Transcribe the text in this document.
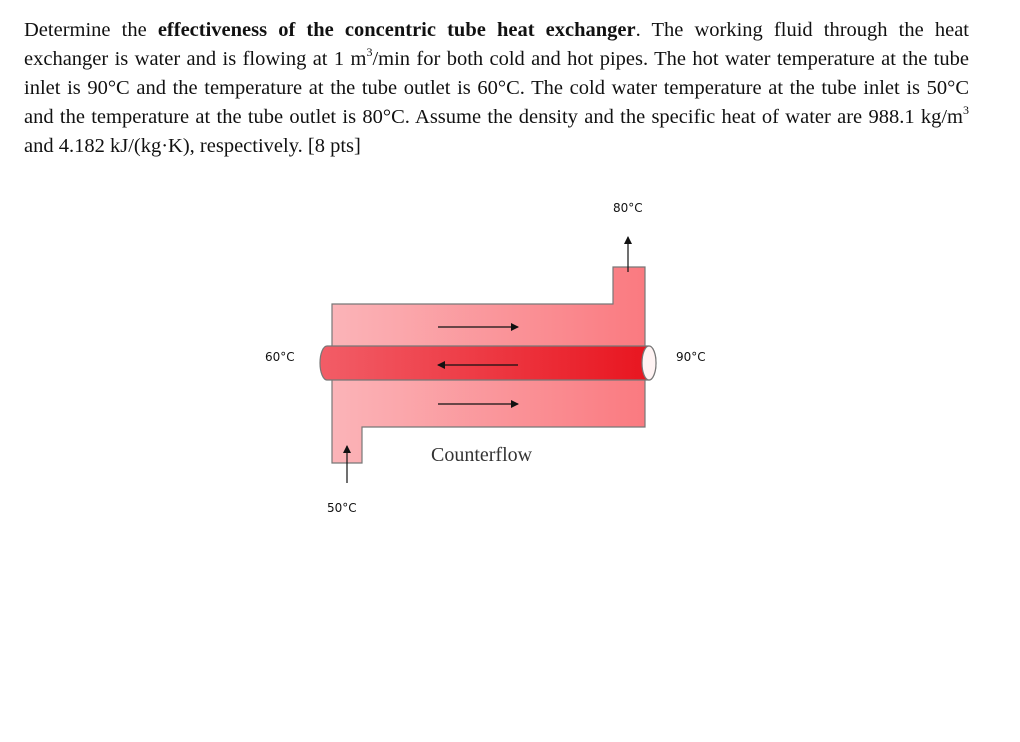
Determine the effectiveness of the concentric tube heat exchanger. The working fluid through the heat exchanger is water and is flowing at 1 $m^3/\min$ for both cold and hot pipes. The hot water temperature at the tube inlet is 90°C and the temperature at the tube outlet is 60°C. The cold water temperature at the tube inlet is 50°C and the temperature at the tube outlet is 80°C. Assume the density and the specific heat of water are 988.1 $kg/m^3$ and 4.182 kJ/(kg·K), respectively. [8 pts]
80°C
60°C	90°C
50°C
Counterflow
